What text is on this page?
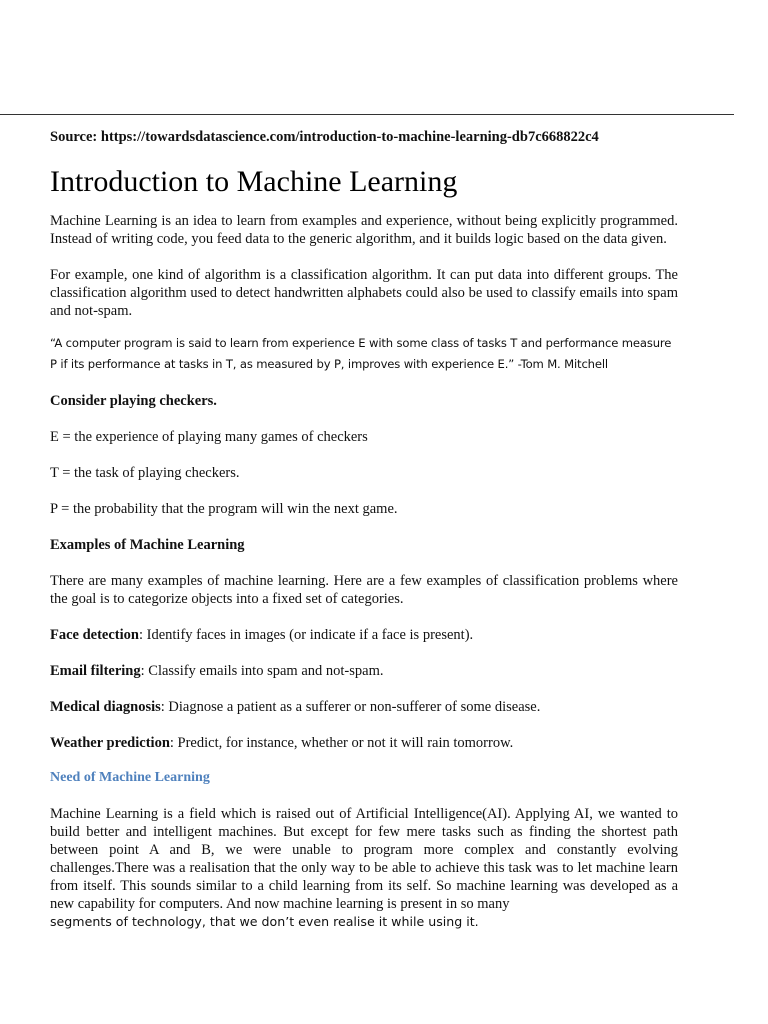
Source: https://towardsdatascience.com/introduction-to-machine-learning-db7c668822c4

Introduction to Machine Learning

Machine Learning is an idea to learn from examples and experience, without being explicitly programmed. Instead of writing code, you feed data to the generic algorithm, and it builds logic based on the data given.

For example, one kind of algorithm is a classification algorithm. It can put data into different groups. The classification algorithm used to detect handwritten alphabets could also be used to classify emails into spam and not-spam.

“A computer program is said to learn from experience E with some class of tasks T and performance measure P if its performance at tasks in T, as measured by P, improves with experience E.” -Tom M. Mitchell

Consider playing checkers.

E = the experience of playing many games of checkers

T = the task of playing checkers.

P = the probability that the program will win the next game.

Examples of Machine Learning

There are many examples of machine learning. Here are a few examples of classification problems where the goal is to categorize objects into a fixed set of categories.

Face detection: Identify faces in images (or indicate if a face is present).

Email filtering: Classify emails into spam and not-spam.

Medical diagnosis: Diagnose a patient as a sufferer or non-sufferer of some disease.

Weather prediction: Predict, for instance, whether or not it will rain tomorrow.

Need of Machine Learning

Machine Learning is a field which is raised out of Artificial Intelligence(AI). Applying AI, we wanted to build better and intelligent machines. But except for few mere tasks such as finding the shortest path between point A and B, we were unable to program more complex and constantly evolving challenges.There was a realisation that the only way to be able to achieve this task was to let machine learn from itself. This sounds similar to a child learning from its self. So machine learning was developed as a new capability for computers. And now machine learning is present in so many

segments of technology, that we don’t even realise it while using it.
